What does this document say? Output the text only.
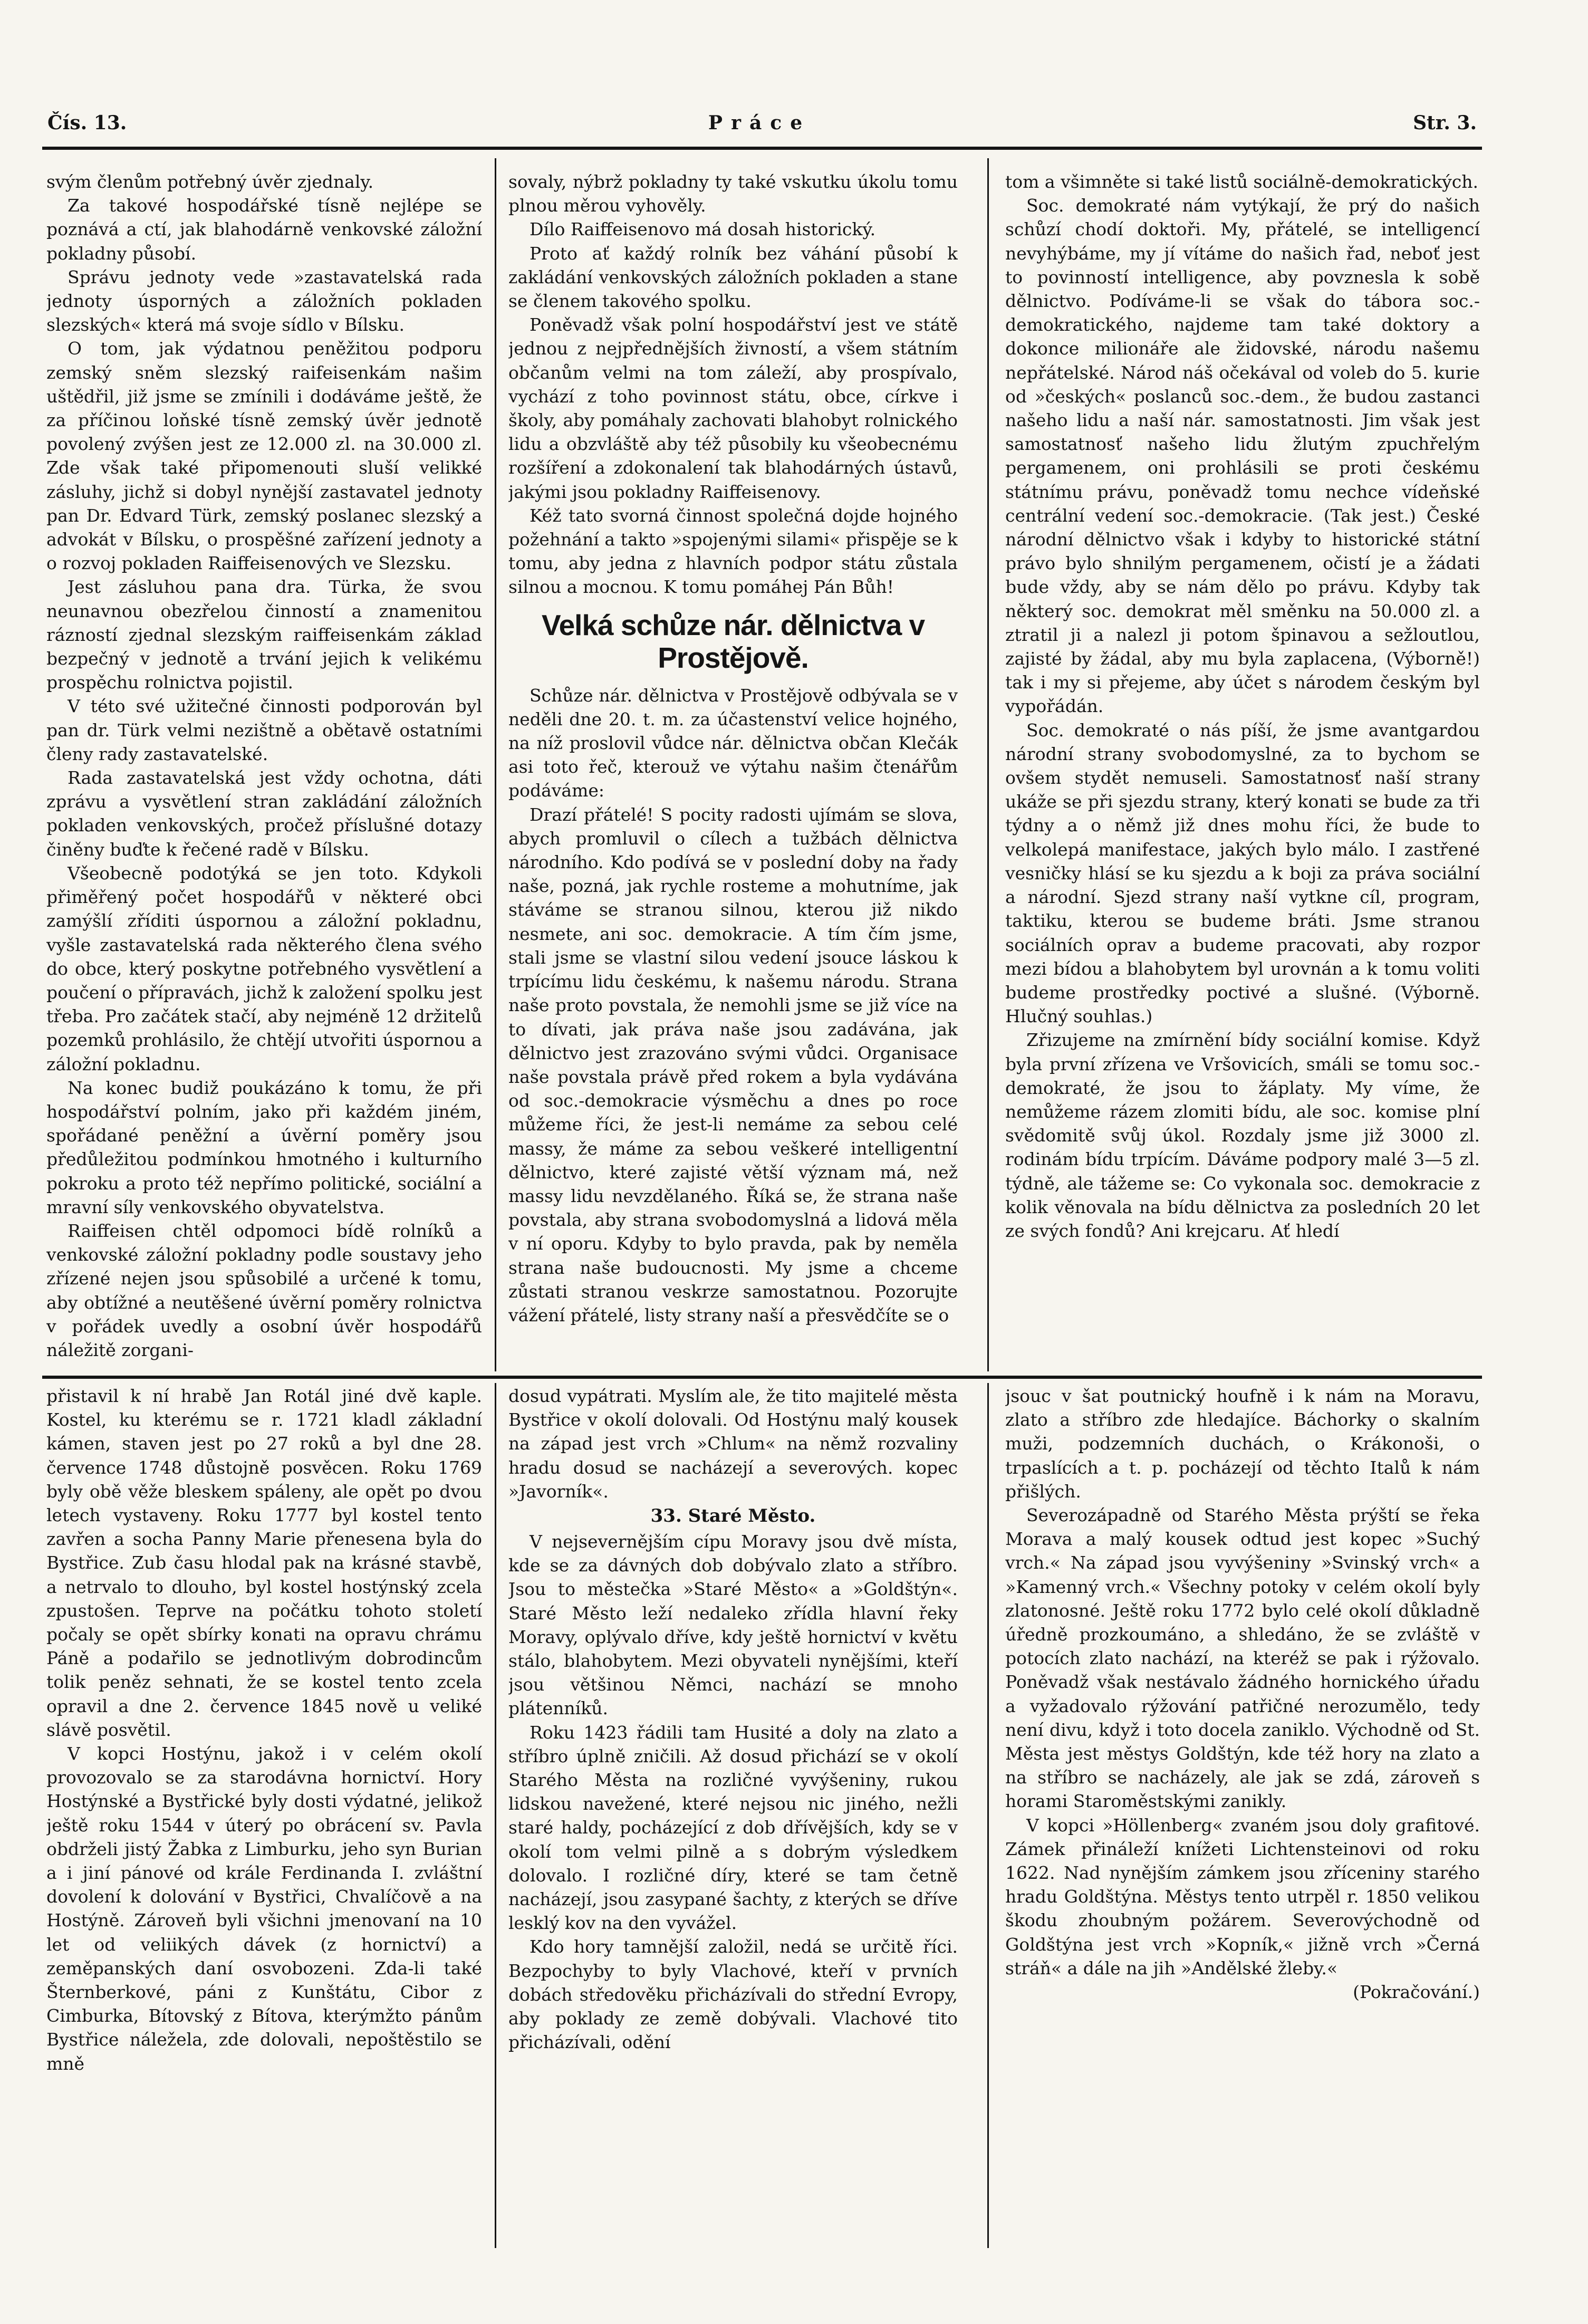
Čís. 13.	Práce	Str. 3.

svým členům potřebný úvěr zjednaly.

Za takové hospodářské tísně nejlépe se poznává a ctí, jak blahodárně venkovské záložní pokladny působí.

Správu jednoty vede »zastavatelská rada jednoty úsporných a záložních pokladen slezských« která má svoje sídlo v Bílsku.

O tom, jak výdatnou peněžitou podporu zemský sněm slezský raifeisenkám našim uštědřil, již jsme se zmínili i dodáváme ještě, že za příčinou loňské tísně zemský úvěr jednotě povolený zvýšen jest ze 12.000 zl. na 30.000 zl. Zde však také připomenouti sluší velikké zásluhy, jichž si dobyl nynější zastavatel jednoty pan Dr. Edvard Türk, zemský poslanec slezský a advokát v Bílsku, o prospěšné zařízení jednoty a o rozvoj pokladen Raiffeisenových ve Slezsku.

Jest zásluhou pana dra. Türka, že svou neunavnou obezřelou činností a znamenitou rázností zjednal slezským raiffeisenkám základ bezpečný v jednotě a trvání jejich k velikému prospěchu rolnictva pojistil.

V této své užitečné činnosti podporován byl pan dr. Türk velmi nezištně a obětavě ostatními členy rady zastavatelské.

Rada zastavatelská jest vždy ochotna, dáti zprávu a vysvětlení stran zakládání záložních pokladen venkovských, pročež příslušné dotazy činěny buďte k řečené radě v Bílsku.

Všeobecně podotýká se jen toto. Kdykoli přiměřený počet hospodářů v některé obci zamýšlí zříditi úspornou a záložní pokladnu, vyšle zastavatelská rada některého člena svého do obce, který poskytne potřebného vysvětlení a poučení o přípravách, jichž k založení spolku jest třeba. Pro začátek stačí, aby nejméně 12 držitelů pozemků prohlásilo, že chtějí utvořiti úspornou a záložní pokladnu.

Na konec budiž poukázáno k tomu, že při hospodářství polním, jako při každém jiném, spořádané peněžní a úvěrní poměry jsou předůležitou podmínkou hmotného i kulturního pokroku a proto též nepřímo politické, sociální a mravní síly venkovského obyvatelstva.

Raiffeisen chtěl odpomoci bídě rolníků a venkovské záložní pokladny podle soustavy jeho zřízené nejen jsou spůsobilé a určené k tomu, aby obtížné a neutěšené úvěrní poměry rolnictva v pořádek uvedly a osobní úvěr hospodářů náležitě zorgani-

sovaly, nýbrž pokladny ty také vskutku úkolu tomu plnou měrou vyhověly.

Dílo Raiffeisenovo má dosah historický.

Proto ať každý rolník bez váhání působí k zakládání venkovských záložních pokladen a stane se členem takového spolku.

Poněvadž však polní hospodářství jest ve státě jednou z nejpřednějších živností, a všem státním občanům velmi na tom záleží, aby prospívalo, vychází z toho povinnost státu, obce, církve i školy, aby pomáhaly zachovati blahobyt rolnického lidu a obzvláště aby též působily ku všeobecnému rozšíření a zdokonalení tak blahodárných ústavů, jakými jsou pokladny Raiffeisenovy.

Kéž tato svorná činnost společná dojde hojného požehnání a takto »spojenými silami« přispěje se k tomu, aby jedna z hlavních podpor státu zůstala silnou a mocnou. K tomu pomáhej Pán Bůh!

Velká schůze nár. dělnictva v Prostějově.

Schůze nár. dělnictva v Prostějově odbývala se v neděli dne 20. t. m. za účastenství velice hojného, na níž proslovil vůdce nár. dělnictva občan Klečák asi toto řeč, kterouž ve výtahu našim čtenářům podáváme:

Drazí přátelé! S pocity radosti ujímám se slova, abych promluvil o cílech a tužbách dělnictva národního. Kdo podívá se v poslední doby na řady naše, pozná, jak rychle rosteme a mohutníme, jak stáváme se stranou silnou, kterou již nikdo nesmete, ani soc. demokracie. A tím čím jsme, stali jsme se vlastní silou vedení jsouce láskou k trpícímu lidu českému, k našemu národu. Strana naše proto povstala, že nemohli jsme se již více na to dívati, jak práva naše jsou zadávána, jak dělnictvo jest zrazováno svými vůdci. Organisace naše povstala právě před rokem a byla vydávána od soc.-demokracie výsměchu a dnes po roce můžeme říci, že jest-li nemáme za sebou celé massy, že máme za sebou veškeré intelligentní dělnictvo, které zajisté větší význam má, než massy lidu nevzdělaného. Říká se, že strana naše povstala, aby strana svobodomyslná a lidová měla v ní oporu. Kdyby to bylo pravda, pak by neměla strana naše budoucnosti. My jsme a chceme zůstati stranou veskrze samostatnou. Pozorujte vážení přátelé, listy strany naší a přesvědčíte se o

tom a všimněte si také listů sociálně-demokratických.

Soc. demokraté nám vytýkají, že prý do našich schůzí chodí doktoři. My, přátelé, se intelligencí nevyhýbáme, my jí vítáme do našich řad, neboť jest to povinností intelligence, aby povznesla k sobě dělnictvo. Podíváme-li se však do tábora soc.-demokratického, najdeme tam také doktory a dokonce milionáře ale židovské, národu našemu nepřátelské. Národ náš očekával od voleb do 5. kurie od »českých« poslanců soc.-dem., že budou zastanci našeho lidu a naší nár. samostatnosti. Jim však jest samostatnosť našeho lidu žlutým zpuchřelým pergamenem, oni prohlásili se proti českému státnímu právu, poněvadž tomu nechce vídeňské centrální vedení soc.-demokracie. (Tak jest.) České národní dělnictvo však i kdyby to historické státní právo bylo shnilým pergamenem, očistí je a žádati bude vždy, aby se nám dělo po právu. Kdyby tak některý soc. demokrat měl směnku na 50.000 zl. a ztratil ji a nalezl ji potom špinavou a sežloutlou, zajisté by žádal, aby mu byla zaplacena, (Výborně!) tak i my si přejeme, aby účet s národem českým byl vypořádán.

Soc. demokraté o nás píší, že jsme avantgardou národní strany svobodomyslné, za to bychom se ovšem stydět nemuseli. Samostatnosť naší strany ukáže se při sjezdu strany, který konati se bude za tři týdny a o němž již dnes mohu říci, že bude to velkolepá manifestace, jakých bylo málo. I zastřené vesničky hlásí se ku sjezdu a k boji za práva sociální a národní. Sjezd strany naší vytkne cíl, program, taktiku, kterou se budeme bráti. Jsme stranou sociálních oprav a budeme pracovati, aby rozpor mezi bídou a blahobytem byl urovnán a k tomu voliti budeme prostředky poctivé a slušné. (Výborně. Hlučný souhlas.)

Zřizujeme na zmírnění bídy sociální komise. Když byla první zřízena ve Vršovicích, smáli se tomu soc.-demokraté, že jsou to žáplaty. My víme, že nemůžeme rázem zlomiti bídu, ale soc. komise plní svědomitě svůj úkol. Rozdaly jsme již 3000 zl. rodinám bídu trpícím. Dáváme podpory malé 3—5 zl. týdně, ale tážeme se: Co vykonala soc. demokracie z kolik věnovala na bídu dělnictva za posledních 20 let ze svých fondů? Ani krejcaru. Ať hledí

přistavil k ní hrabě Jan Rotál jiné dvě kaple. Kostel, ku kterému se r. 1721 kladl základní kámen, staven jest po 27 roků a byl dne 28. července 1748 důstojně posvěcen. Roku 1769 byly obě věže bleskem spáleny, ale opět po dvou letech vystaveny. Roku 1777 byl kostel tento zavřen a socha Panny Marie přenesena byla do Bystřice. Zub času hlodal pak na krásné stavbě, a netrvalo to dlouho, byl kostel hostýnský zcela zpustošen. Teprve na počátku tohoto století počaly se opět sbírky konati na opravu chrámu Páně a podařilo se jednotlivým dobrodincům tolik peněz sehnati, že se kostel tento zcela opravil a dne 2. července 1845 nově u veliké slávě posvětil.

V kopci Hostýnu, jakož i v celém okolí provozovalo se za starodávna hornictví. Hory Hostýnské a Bystřické byly dosti výdatné, jelikož ještě roku 1544 v úterý po obrácení sv. Pavla obdrželi jistý Žabka z Limburku, jeho syn Burian a i jiní pánové od krále Ferdinanda I. zvláštní dovolení k dolování v Bystřici, Chvalíčově a na Hostýně. Zároveň byli všichni jmenovaní na 10 let od veliikých dávek (z hornictví) a zeměpanských daní osvobozeni. Zda-li také Šternberkové, páni z Kunštátu, Cibor z Cimburka, Bítovský z Bítova, kterýmžto pánům Bystřice náležela, zde dolovali, nepoštěstilo se mně

dosud vypátrati. Myslím ale, že tito majitelé města Bystřice v okolí dolovali. Od Hostýnu malý kousek na západ jest vrch »Chlum« na němž rozvaliny hradu dosud se nacházejí a severových. kopec »Javorník«.

33. Staré Město.

V nejsevernějším cípu Moravy jsou dvě místa, kde se za dávných dob dobývalo zlato a stříbro. Jsou to městečka »Staré Město« a »Goldštýn«. Staré Město leží nedaleko zřídla hlavní řeky Moravy, oplývalo dříve, kdy ještě hornictví v květu stálo, blahobytem. Mezi obyvateli nynějšími, kteří jsou většinou Němci, nachází se mnoho plátenníků.

Roku 1423 řádili tam Husité a doly na zlato a stříbro úplně zničili. Až dosud přichází se v okolí Starého Města na rozličné vyvýšeniny, rukou lidskou navežené, které nejsou nic jiného, nežli staré haldy, pocházející z dob dřívějších, kdy se v okolí tom velmi pilně a s dobrým výsledkem dolovalo. I rozličné díry, které se tam četně nacházejí, jsou zasypané šachty, z kterých se dříve lesklý kov na den vyvážel.

Kdo hory tamnější založil, nedá se určitě říci. Bezpochyby to byly Vlachové, kteří v prvních dobách středověku přicházívali do střední Evropy, aby poklady ze země dobývali. Vlachové tito přicházívali, odění

jsouc v šat poutnický houfně i k nám na Moravu, zlato a stříbro zde hledajíce. Báchorky o skalním muži, podzemních duchách, o Krákonoši, o trpaslících a t. p. pocházejí od těchto Italů k nám přišlých.

Severozápadně od Starého Města prýští se řeka Morava a malý kousek odtud jest kopec »Suchý vrch.« Na západ jsou vyvýšeniny »Svinský vrch« a »Kamenný vrch.« Všechny potoky v celém okolí byly zlatonosné. Ještě roku 1772 bylo celé okolí důkladně úředně prozkoumáno, a shledáno, že se zvláště v potocích zlato nachází, na kteréž se pak i rýžovalo. Poněvadž však nestávalo žádného hornického úřadu a vyžadovalo rýžování patřičné nerozumělo, tedy není divu, když i toto docela zaniklo. Východně od St. Města jest městys Goldštýn, kde též hory na zlato a na stříbro se nacházely, ale jak se zdá, zároveň s horami Staroměstskými zanikly.

V kopci »Höllenberg« zvaném jsou doly grafitové. Zámek přináleží knížeti Lichtensteinovi od roku 1622. Nad nynějším zámkem jsou zříceniny starého hradu Goldštýna. Městys tento utrpěl r. 1850 velikou škodu zhoubným požárem. Severovýchodně od Goldštýna jest vrch »Kopník,« jižně vrch »Černá stráň« a dále na jih »Andělské žleby.«

(Pokračování.)
